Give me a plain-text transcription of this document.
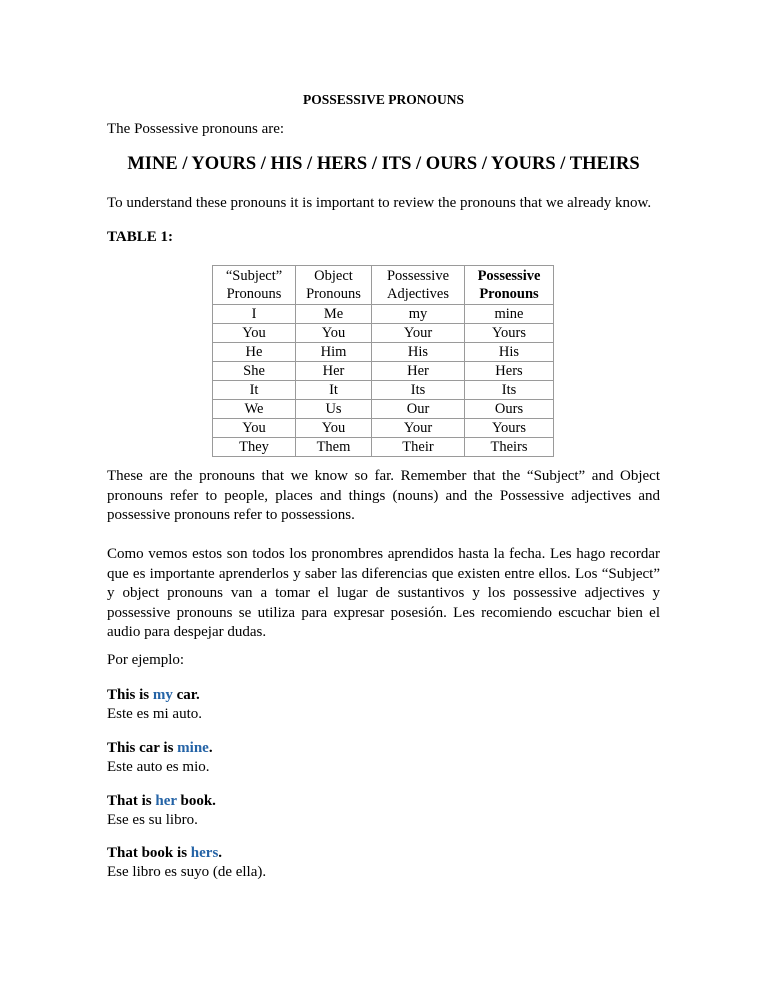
POSSESSIVE PRONOUNS
The Possessive pronouns are:
MINE / YOURS / HIS / HERS / ITS / OURS / YOURS / THEIRS
To understand these pronouns it is important to review the pronouns that we already know.
TABLE 1:
“Subject” Pronouns	Object Pronouns	Possessive Adjectives	Possessive Pronouns
I	Me	my	mine
You	You	Your	Yours
He	Him	His	His
She	Her	Her	Hers
It	It	Its	Its
We	Us	Our	Ours
You	You	Your	Yours
They	Them	Their	Theirs
These are the pronouns that we know so far. Remember that the “Subject” and Object pronouns refer to people, places and things (nouns) and the Possessive adjectives and possessive pronouns refer to possessions.
Como vemos estos son todos los pronombres aprendidos hasta la fecha. Les hago recordar que es importante aprenderlos y saber las diferencias que existen entre ellos. Los “Subject” y object pronouns van a tomar el lugar de sustantivos y los possessive adjectives y possessive pronouns se utiliza para expresar posesión. Les recomiendo escuchar bien el audio para despejar dudas.
Por ejemplo:
This is my car.
Este es mi auto.
This car is mine.
Este auto es mio.
That is her book.
Ese es su libro.
That book is hers.
Ese libro es suyo (de ella).
